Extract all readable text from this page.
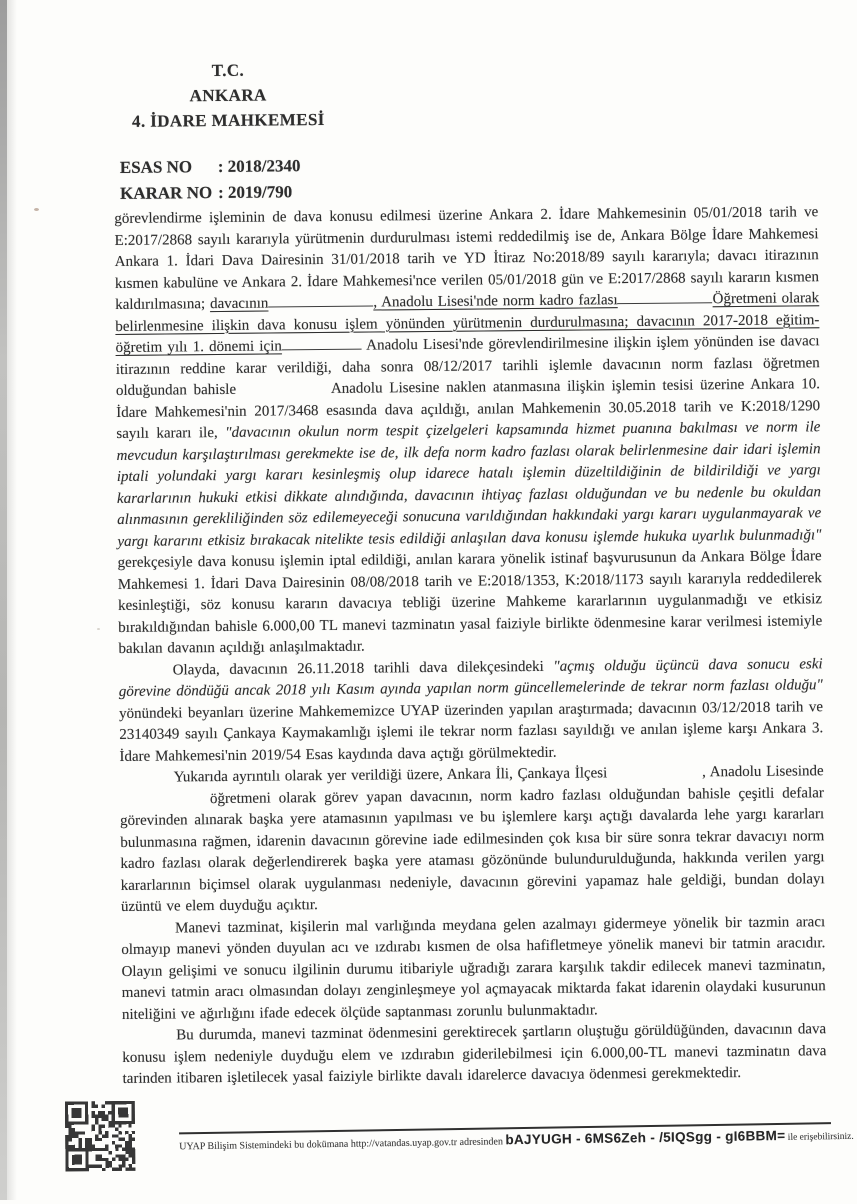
T.C.
ANKARA
4. İDARE MAHKEMESİ
ESAS NO	: 2018/2340
KARAR NO : 2019/790

görevlendirme işleminin de dava konusu edilmesi üzerine Ankara 2. İdare Mahkemesinin 05/01/2018 tarih ve E:2017/2868 sayılı kararıyla yürütmenin durdurulması istemi reddedilmiş ise de, Ankara Bölge İdare Mahkemesi Ankara 1. İdari Dava Dairesinin 31/01/2018 tarih ve YD İtiraz No:2018/89 sayılı kararıyla; davacı itirazının kısmen kabulüne ve Ankara 2. İdare Mahkemesi'nce verilen 05/01/2018 gün ve E:2017/2868 sayılı kararın kısmen kaldırılmasına; davacının	, Anadolu Lisesi'nde norm kadro fazlası	Öğretmeni olarak belirlenmesine ilişkin dava konusu işlem yönünden yürütmenin durdurulmasına; davacının 2017-2018 eğitim-öğretim yılı 1. dönemi için	Anadolu Lisesi'nde görevlendirilmesine ilişkin işlem yönünden ise davacı itirazının reddine karar verildiği, daha sonra 08/12/2017 tarihli işlemle davacının norm fazlası öğretmen olduğundan bahisle	Anadolu Lisesine naklen atanmasına ilişkin işlemin tesisi üzerine Ankara 10. İdare Mahkemesi'nin 2017/3468 esasında dava açıldığı, anılan Mahkemenin 30.05.2018 tarih ve K:2018/1290 sayılı kararı ile, "davacının okulun norm tespit çizelgeleri kapsamında hizmet puanına bakılması ve norm ile mevcudun karşılaştırılması gerekmekte ise de, ilk defa norm kadro fazlası olarak belirlenmesine dair idari işlemin iptali yolundaki yargı kararı kesinleşmiş olup idarece hatalı işlemin düzeltildiğinin de bildirildiği ve yargı kararlarının hukuki etkisi dikkate alındığında, davacının ihtiyaç fazlası olduğundan ve bu nedenle bu okuldan alınmasının gerekliliğinden söz edilemeyeceği sonucuna varıldığından hakkındaki yargı kararı uygulanmayarak ve yargı kararını etkisiz bırakacak nitelikte tesis edildiği anlaşılan dava konusu işlemde hukuka uyarlık bulunmadığı" gerekçesiyle dava konusu işlemin iptal edildiği, anılan karara yönelik istinaf başvurusunun da Ankara Bölge İdare Mahkemesi 1. İdari Dava Dairesinin 08/08/2018 tarih ve E:2018/1353, K:2018/1173 sayılı kararıyla reddedilerek kesinleştiği, söz konusu kararın davacıya tebliği üzerine Mahkeme kararlarının uygulanmadığı ve etkisiz bırakıldığından bahisle 6.000,00 TL manevi tazminatın yasal faiziyle birlikte ödenmesine karar verilmesi istemiyle bakılan davanın açıldığı anlaşılmaktadır.

Olayda, davacının 26.11.2018 tarihli dava dilekçesindeki "açmış olduğu üçüncü dava sonucu eski görevine döndüğü ancak 2018 yılı Kasım ayında yapılan norm güncellemelerinde de tekrar norm fazlası olduğu" yönündeki beyanları üzerine Mahkememizce UYAP üzerinden yapılan araştırmada; davacının 03/12/2018 tarih ve 23140349 sayılı Çankaya Kaymakamlığı işlemi ile tekrar norm fazlası sayıldığı ve anılan işleme karşı Ankara 3. İdare Mahkemesi'nin 2019/54 Esas kaydında dava açtığı görülmektedir.

Yukarıda ayrıntılı olarak yer verildiği üzere, Ankara İli, Çankaya İlçesi	, Anadolu Lisesinde öğretmeni olarak görev yapan davacının, norm kadro fazlası olduğundan bahisle çeşitli defalar görevinden alınarak başka yere atamasının yapılması ve bu işlemlere karşı açtığı davalarda lehe yargı kararları bulunmasına rağmen, idarenin davacının görevine iade edilmesinden çok kısa bir süre sonra tekrar davacıyı norm kadro fazlası olarak değerlendirerek başka yere ataması gözönünde bulundurulduğunda, hakkında verilen yargı kararlarının biçimsel olarak uygulanması nedeniyle, davacının görevini yapamaz hale geldiği, bundan dolayı üzüntü ve elem duyduğu açıktır.

Manevi tazminat, kişilerin mal varlığında meydana gelen azalmayı gidermeye yönelik bir tazmin aracı olmayıp manevi yönden duyulan acı ve ızdırabı kısmen de olsa hafifletmeye yönelik manevi bir tatmin aracıdır. Olayın gelişimi ve sonucu ilgilinin durumu itibariyle uğradığı zarara karşılık takdir edilecek manevi tazminatın, manevi tatmin aracı olmasından dolayı zenginleşmeye yol açmayacak miktarda fakat idarenin olaydaki kusurunun niteliğini ve ağırlığını ifade edecek ölçüde saptanması zorunlu bulunmaktadır.

Bu durumda, manevi tazminat ödenmesini gerektirecek şartların oluştuğu görüldüğünden, davacının dava konusu işlem nedeniyle duyduğu elem ve ızdırabın giderilebilmesi için 6.000,00-TL manevi tazminatın dava tarinden itibaren işletilecek yasal faiziyle birlikte davalı idarelerce davacıya ödenmesi gerekmektedir.

UYAP Bilişim Sistemindeki bu dokümana http://vatandas.uyap.gov.tr adresinden bAJYUGH - 6MS6Zeh - /5IQSgg - gI6BBM= ile erişebilirsiniz.
